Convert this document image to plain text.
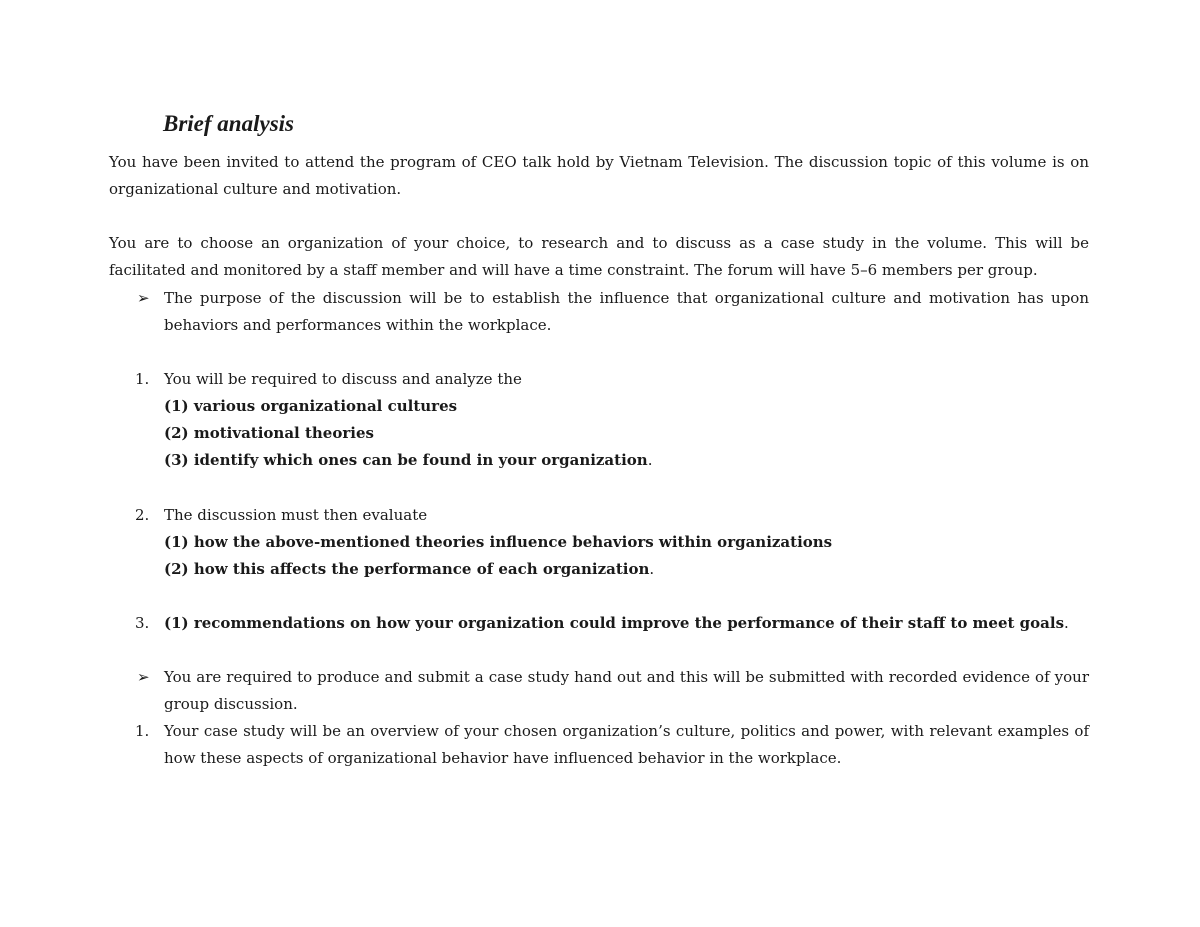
Brief analysis

You have been invited to attend the program of CEO talk hold by Vietnam Television. The discussion topic of this volume is on organizational culture and motivation.

You are to choose an organization of your choice, to research and to discuss as a case study in the volume. This will be facilitated and monitored by a staff member and will have a time constraint. The forum will have 5–6 members per group.

➢ The purpose of the discussion will be to establish the influence that organizational culture and motivation has upon behaviors and performances within the workplace.
1. You will be required to discuss and analyze the
(1) various organizational cultures
(2) motivational theories
(3) identify which ones can be found in your organization.
2. The discussion must then evaluate
(1) how the above-mentioned theories influence behaviors within organizations
(2) how this affects the performance of each organization.
3. (1) recommendations on how your organization could improve the performance of their staff to meet goals.
➢ You are required to produce and submit a case study hand out and this will be submitted with recorded evidence of your group discussion.
1. Your case study will be an overview of your chosen organization’s culture, politics and power, with relevant examples of how these aspects of organizational behavior have influenced behavior in the workplace.
